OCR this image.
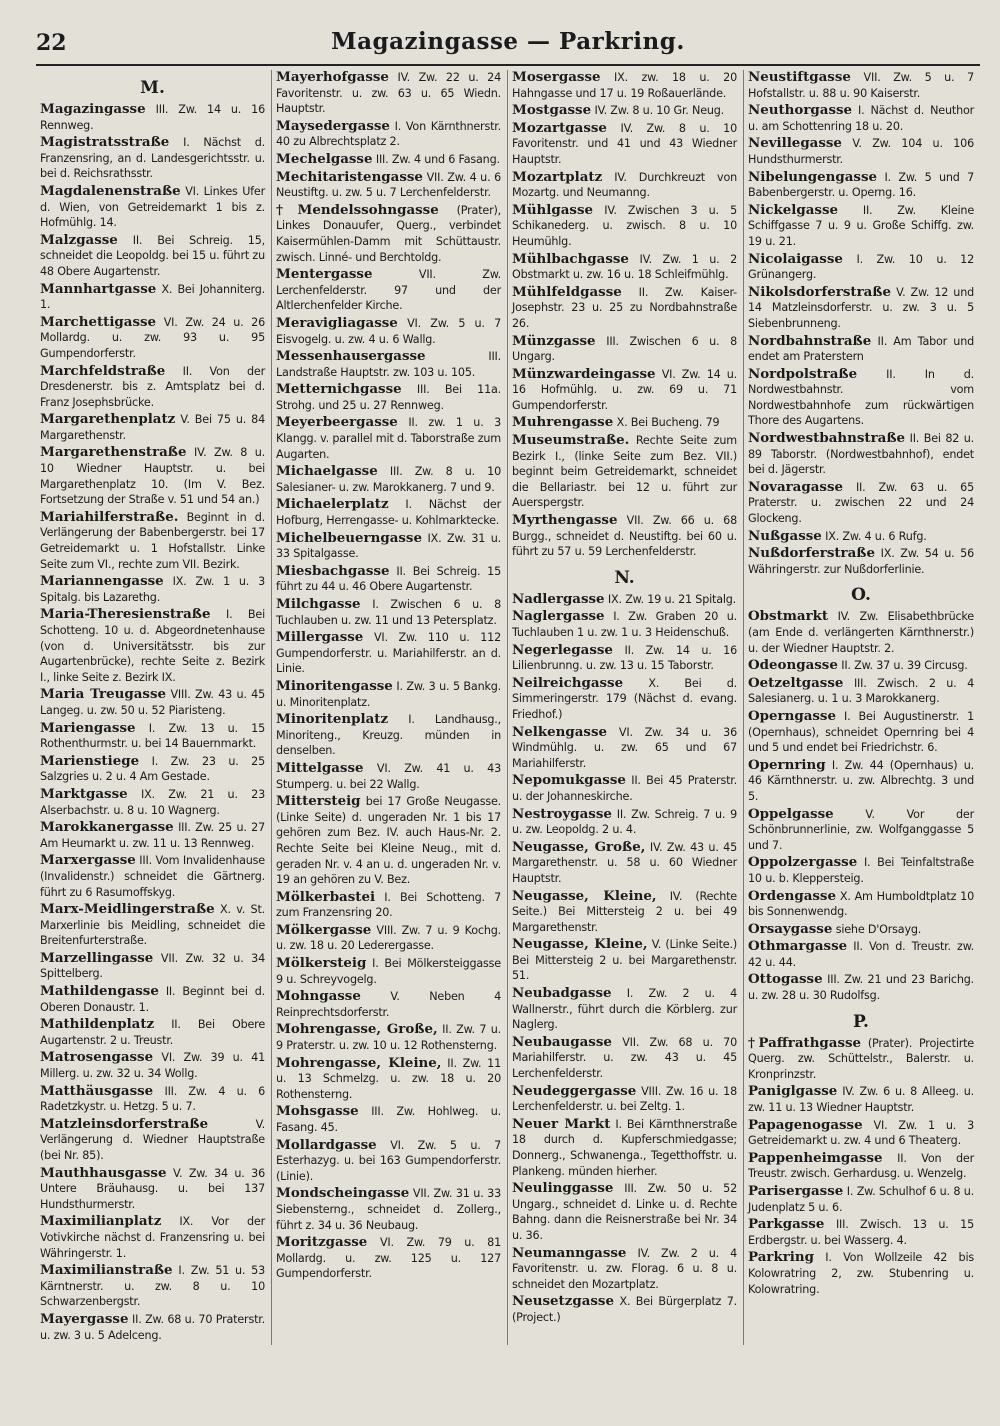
22	Magazingasse — Parkring.
M.

Magazingasse III. Zw. 14 u. 16 Rennweg.

Magistratsstraße I. Nächst d. Franzensring, an d. Landesgerichtsstr. u. bei d. Reichsrathsstr.

Magdalenenstraße VI. Linkes Ufer d. Wien, von Getreidemarkt 1 bis z. Hofmühlg. 14.

Malzgasse II. Bei Schreig. 15, schneidet die Leopoldg. bei 15 u. führt zu 48 Obere Augartenstr.

Mannhartgasse X. Bei Johanniterg. 1.

Marchettigasse VI. Zw. 24 u. 26 Mollardg. u. zw. 93 u. 95 Gumpendorferstr.

Marchfeldstraße II. Von der Dresdenerstr. bis z. Amtsplatz bei d. Franz Josephsbrücke.

Margarethenplatz V. Bei 75 u. 84 Margarethenstr.

Margarethenstraße IV. Zw. 8 u. 10 Wiedner Hauptstr. u. bei Margarethenplatz 10. (Im V. Bez. Fortsetzung der Straße v. 51 und 54 an.)

Mariahilferstraße. Beginnt in d. Verlängerung der Babenbergerstr. bei 17 Getreidemarkt u. 1 Hofstallstr. Linke Seite zum VI., rechte zum VII. Bezirk.

Mariannengasse IX. Zw. 1 u. 3 Spitalg. bis Lazarethg.

Maria-Theresienstraße I. Bei Schotteng. 10 u. d. Abgeordnetenhause (von d. Universitätsstr. bis zur Augartenbrücke), rechte Seite z. Bezirk I., linke Seite z. Bezirk IX.

Maria Treugasse VIII. Zw. 43 u. 45 Langeg. u. zw. 50 u. 52 Piaristeng.

Mariengasse I. Zw. 13 u. 15 Rothenthurmstr. u. bei 14 Bauernmarkt.

Marienstiege I. Zw. 23 u. 25 Salzgries u. 2 u. 4 Am Gestade.

Marktgasse IX. Zw. 21 u. 23 Alserbachstr. u. 8 u. 10 Wagnerg.

Marokkanergasse III. Zw. 25 u. 27 Am Heumarkt u. zw. 11 u. 13 Rennweg.

Marxergasse III. Vom Invalidenhause (Invalidenstr.) schneidet die Gärtnerg. führt zu 6 Rasumoffskyg.

Marx-Meidlingerstraße X. v. St. Marxerlinie bis Meidling, schneidet die Breitenfurterstraße.

Marzellingasse VII. Zw. 32 u. 34 Spittelberg.

Mathildengasse II. Beginnt bei d. Oberen Donaustr. 1.

Mathildenplatz II. Bei Obere Augartenstr. 2 u. Treustr.

Matrosengasse VI. Zw. 39 u. 41 Millerg. u. zw. 32 u. 34 Wollg.

Matthäusgasse III. Zw. 4 u. 6 Radetzkystr. u. Hetzg. 5 u. 7.

Matzleinsdorferstraße V. Verlängerung d. Wiedner Hauptstraße (bei Nr. 85).

Mauthhausgasse V. Zw. 34 u. 36 Untere Bräuhausg. u. bei 137 Hundsthurmerstr.

Maximilianplatz IX. Vor der Votivkirche nächst d. Franzensring u. bei Währingerstr. 1.

Maximilianstraße I. Zw. 51 u. 53 Kärntnerstr. u. zw. 8 u. 10 Schwarzenbergstr.

Mayergasse II. Zw. 68 u. 70 Praterstr. u. zw. 3 u. 5 Adelceng.

Mayerhofgasse IV. Zw. 22 u. 24 Favoritenstr. u. zw. 63 u. 65 Wiedn. Hauptstr.

Maysedergasse I. Von Kärnthnerstr. 40 zu Albrechtsplatz 2.

Mechelgasse III. Zw. 4 und 6 Fasang.

Mechitaristengasse VII. Zw. 4 u. 6 Neustiftg. u. zw. 5 u. 7 Lerchenfelderstr.

†Mendelssohngasse (Prater), Linkes Donauufer, Querg., verbindet Kaisermühlen-Damm mit Schüttaustr. zwisch. Linné- und Berchtoldg.

Mentergasse VII. Zw. Lerchenfelderstr. 97 und der Altlerchenfelder Kirche.

Meravigliagasse VI. Zw. 5 u. 7 Eisvogelg. u. zw. 4 u. 6 Wallg.

Messenhausergasse III. Landstraße Hauptstr. zw. 103 u. 105.

Metternichgasse III. Bei 11a. Strohg. und 25 u. 27 Rennweg.

Meyerbeergasse II. zw. 1 u. 3 Klangg. v. parallel mit d. Taborstraße zum Augarten.

Michaelgasse III. Zw. 8 u. 10 Salesianer- u. zw. Marokkanerg. 7 und 9.

Michaelerplatz I. Nächst der Hofburg, Herrengasse- u. Kohlmarktecke.

Michelbeuerngasse IX. Zw. 31 u. 33 Spitalgasse.

Miesbachgasse II. Bei Schreig. 15 führt zu 44 u. 46 Obere Augartenstr.

Milchgasse I. Zwischen 6 u. 8 Tuchlauben u. zw. 11 und 13 Petersplatz.

Millergasse VI. Zw. 110 u. 112 Gumpendorferstr. u. Mariahilferstr. an d. Linie.

Minoritengasse I. Zw. 3 u. 5 Bankg. u. Minoritenplatz.

Minoritenplatz I. Landhausg., Minoriteng., Kreuzg. münden in denselben.

Mittelgasse VI. Zw. 41 u. 43 Stumperg. u. bei 22 Wallg.

Mittersteig bei 17 Große Neugasse. (Linke Seite) d. ungeraden Nr. 1 bis 17 gehören zum Bez. IV. auch Haus-Nr. 2. Rechte Seite bei Kleine Neug., mit d. geraden Nr. v. 4 an u. d. ungeraden Nr. v. 19 an gehören zu V. Bez.

Mölkerbastei I. Bei Schotteng. 7 zum Franzensring 20.

Mölkergasse VIII. Zw. 7 u. 9 Kochg. u. zw. 18 u. 20 Lederergasse.

Mölkersteig I. Bei Mölkersteiggasse 9 u. Schreyvogelg.

Mohngasse V. Neben 4 Reinprechtsdorferstr.

Mohrengasse, Große, II. Zw. 7 u. 9 Praterstr. u. zw. 10 u. 12 Rothensterng.

Mohrengasse, Kleine, II. Zw. 11 u. 13 Schmelzg. u. zw. 18 u. 20 Rothensterng.

Mohsgasse III. Zw. Hohlweg. u. Fasang. 45.

Mollardgasse VI. Zw. 5 u. 7 Esterhazyg. u. bei 163 Gumpendorferstr. (Linie).

Mondscheingasse VII. Zw. 31 u. 33 Siebensterng., schneidet d. Zollerg., führt z. 34 u. 36 Neubaug.

Moritzgasse VI. Zw. 79 u. 81 Mollardg. u. zw. 125 u. 127 Gumpendorferstr.

Mosergasse IX. zw. 18 u. 20 Hahngasse und 17 u. 19 Roßauerlände.

Mostgasse IV. Zw. 8 u. 10 Gr. Neug.

Mozartgasse IV. Zw. 8 u. 10 Favoritenstr. und 41 und 43 Wiedner Hauptstr.

Mozartplatz IV. Durchkreuzt von Mozartg. und Neumanng.

Mühlgasse IV. Zwischen 3 u. 5 Schikanederg. u. zwisch. 8 u. 10 Heumühlg.

Mühlbachgasse IV. Zw. 1 u. 2 Obstmarkt u. zw. 16 u. 18 Schleifmühlg.

Mühlfeldgasse II. Zw. Kaiser-Josephstr. 23 u. 25 zu Nordbahnstraße 26.

Münzgasse III. Zwischen 6 u. 8 Ungarg.

Münzwardeingasse VI. Zw. 14 u. 16 Hofmühlg. u. zw. 69 u. 71 Gumpendorferstr.

Muhrengasse X. Bei Bucheng. 79

Museumstraße. Rechte Seite zum Bezirk I., (linke Seite zum Bez. VII.) beginnt beim Getreidemarkt, schneidet die Bellariastr. bei 12 u. führt zur Auerspergstr.

Myrthengasse VII. Zw. 66 u. 68 Burgg., schneidet d. Neustiftg. bei 60 u. führt zu 57 u. 59 Lerchenfelderstr.

N.

Nadlergasse IX. Zw. 19 u. 21 Spitalg.

Naglergasse I. Zw. Graben 20 u. Tuchlauben 1 u. zw. 1 u. 3 Heidenschuß.

Negerlegasse II. Zw. 14 u. 16 Lilienbrunng. u. zw. 13 u. 15 Taborstr.

Neilreichgasse X. Bei d. Simmeringerstr. 179 (Nächst d. evang. Friedhof.)

Nelkengasse VI. Zw. 34 u. 36 Windmühlg. u. zw. 65 und 67 Mariahilferstr.

Nepomukgasse II. Bei 45 Praterstr. u. der Johanneskirche.

Nestroygasse II. Zw. Schreig. 7 u. 9 u. zw. Leopoldg. 2 u. 4.

Neugasse, Große, IV. Zw. 43 u. 45 Margarethenstr. u. 58 u. 60 Wiedner Hauptstr.

Neugasse, Kleine, IV. (Rechte Seite.) Bei Mittersteig 2 u. bei 49 Margarethenstr.

Neugasse, Kleine, V. (Linke Seite.) Bei Mittersteig 2 u. bei Margarethenstr. 51.

Neubadgasse I. Zw. 2 u. 4 Wallnerstr., führt durch die Körblerg. zur Naglerg.

Neubaugasse VII. Zw. 68 u. 70 Mariahilferstr. u. zw. 43 u. 45 Lerchenfelderstr.

Neudeggergasse VIII. Zw. 16 u. 18 Lerchenfelderstr. u. bei Zeltg. 1.

Neuer Markt I. Bei Kärnthnerstraße 18 durch d. Kupferschmiedgasse; Donnerg., Schwanenga., Tegetthoffstr. u. Plankeng. münden hierher.

Neulinggasse III. Zw. 50 u. 52 Ungarg., schneidet d. Linke u. d. Rechte Bahng. dann die Reisnerstraße bei Nr. 34 u. 36.

Neumanngasse IV. Zw. 2 u. 4 Favoritenstr. u. zw. Florag. 6 u. 8 u. schneidet den Mozartplatz.

Neusetzgasse X. Bei Bürgerplatz 7. (Project.)

Neustiftgasse VII. Zw. 5 u. 7 Hofstallstr. u. 88 u. 90 Kaiserstr.

Neuthorgasse I. Nächst d. Neuthor u. am Schottenring 18 u. 20.

Nevillegasse V. Zw. 104 u. 106 Hundsthurmerstr.

Nibelungengasse I. Zw. 5 und 7 Babenbergerstr. u. Operng. 16.

Nickelgasse II. Zw. Kleine Schiffgasse 7 u. 9 u. Große Schiffg. zw. 19 u. 21.

Nicolaigasse I. Zw. 10 u. 12 Grünangerg.

Nikolsdorferstraße V. Zw. 12 und 14 Matzleinsdorferstr. u. zw. 3 u. 5 Siebenbrunneng.

Nordbahnstraße II. Am Tabor und endet am Praterstern

Nordpolstraße II. In d. Nordwestbahnstr. vom Nordwestbahnhofe zum rückwärtigen Thore des Augartens.

Nordwestbahnstraße II. Bei 82 u. 89 Taborstr. (Nordwestbahnhof), endet bei d. Jägerstr.

Novaragasse II. Zw. 63 u. 65 Praterstr. u. zwischen 22 und 24 Glockeng.

Nußgasse IX. Zw. 4 u. 6 Rufg.

Nußdorferstraße IX. Zw. 54 u. 56 Währingerstr. zur Nußdorferlinie.

O.

Obstmarkt IV. Zw. Elisabethbrücke (am Ende d. verlängerten Kärnthnerstr.) u. der Wiedner Hauptstr. 2.

Odeongasse II. Zw. 37 u. 39 Circusg.

Oetzeltgasse III. Zwisch. 2 u. 4 Salesianerg. u. 1 u. 3 Marokkanerg.

Operngasse I. Bei Augustinerstr. 1 (Opernhaus), schneidet Opernring bei 4 und 5 und endet bei Friedrichstr. 6.

Opernring I. Zw. 44 (Opernhaus) u. 46 Kärnthnerstr. u. zw. Albrechtg. 3 und 5.

Oppelgasse V. Vor der Schönbrunnerlinie, zw. Wolfganggasse 5 und 7.

Oppolzergasse I. Bei Teinfaltstraße 10 u. b. Kleppersteig.

Ordengasse X. Am Humboldtplatz 10 bis Sonnenwendg.

Orsaygasse siehe D'Orsayg.

Othmargasse II. Von d. Treustr. zw. 42 u. 44.

Ottogasse III. Zw. 21 und 23 Barichg. u. zw. 28 u. 30 Rudolfsg.

P.

†Paffrathgasse (Prater). Projectirte Querg. zw. Schüttelstr., Balerstr. u. Kronprinzstr.

Paniglgasse IV. Zw. 6 u. 8 Alleeg. u. zw. 11 u. 13 Wiedner Hauptstr.

Papagenogasse VI. Zw. 1 u. 3 Getreidemarkt u. zw. 4 und 6 Theaterg.

Pappenheimgasse II. Von der Treustr. zwisch. Gerhardusg. u. Wenzelg.

Parisergasse I. Zw. Schulhof 6 u. 8 u. Judenplatz 5 u. 6.

Parkgasse III. Zwisch. 13 u. 15 Erdbergstr. u. bei Wasserg. 4.

Parkring I. Von Wollzeile 42 bis Kolowratring 2, zw. Stubenring u. Kolowratring.
